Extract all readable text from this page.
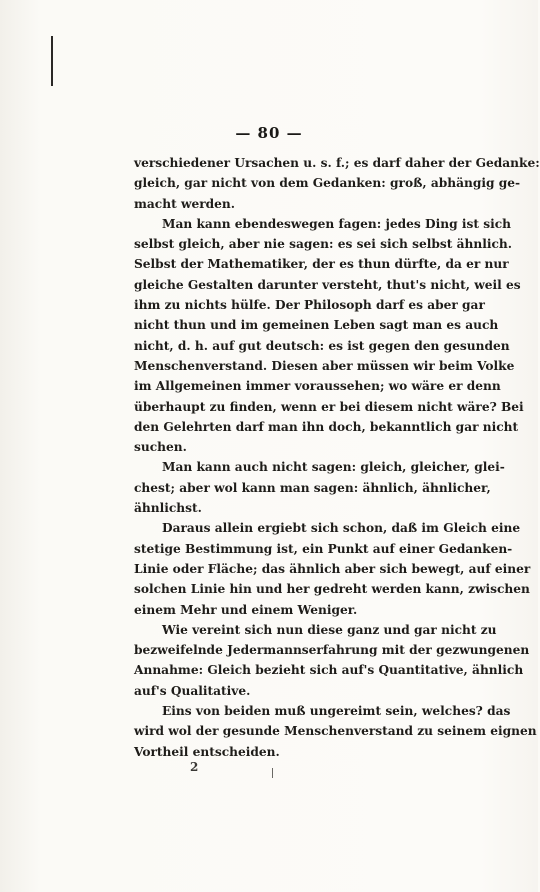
— 80 —
verschiedener Ursachen u. s. f.; es darf daher der Gedanke:
gleich, gar nicht von dem Gedanken: groß, abhängig ge-
macht werden.
Man kann ebendeswegen fagen: jedes Ding ist sich
selbst gleich, aber nie sagen: es sei sich selbst ähnlich.
Selbst der Mathematiker, der es thun dürfte, da er nur
gleiche Gestalten darunter versteht, thut's nicht, weil es
ihm zu nichts hülfe. Der Philosoph darf es aber gar
nicht thun und im gemeinen Leben sagt man es auch
nicht, d. h. auf gut deutsch: es ist gegen den gesunden
Menschenverstand. Diesen aber müssen wir beim Volke
im Allgemeinen immer voraussehen; wo wäre er denn
überhaupt zu finden, wenn er bei diesem nicht wäre? Bei
den Gelehrten darf man ihn doch, bekanntlich gar nicht
suchen.
Man kann auch nicht sagen: gleich, gleicher, glei-
chest; aber wol kann man sagen: ähnlich, ähnlicher,
ähnlichst.
Daraus allein ergiebt sich schon, daß im Gleich eine
stetige Bestimmung ist, ein Punkt auf einer Gedanken-
Linie oder Fläche; das ähnlich aber sich bewegt, auf einer
solchen Linie hin und her gedreht werden kann, zwischen
einem Mehr und einem Weniger.
Wie vereint sich nun diese ganz und gar nicht zu
bezweifelnde Jedermannserfahrung mit der gezwungenen
Annahme: Gleich bezieht sich auf's Quantitative, ähnlich
auf's Qualitative.
Eins von beiden muß ungereimt sein, welches? das
wird wol der gesunde Menschenverstand zu seinem eignen
Vortheil entscheiden.
2
